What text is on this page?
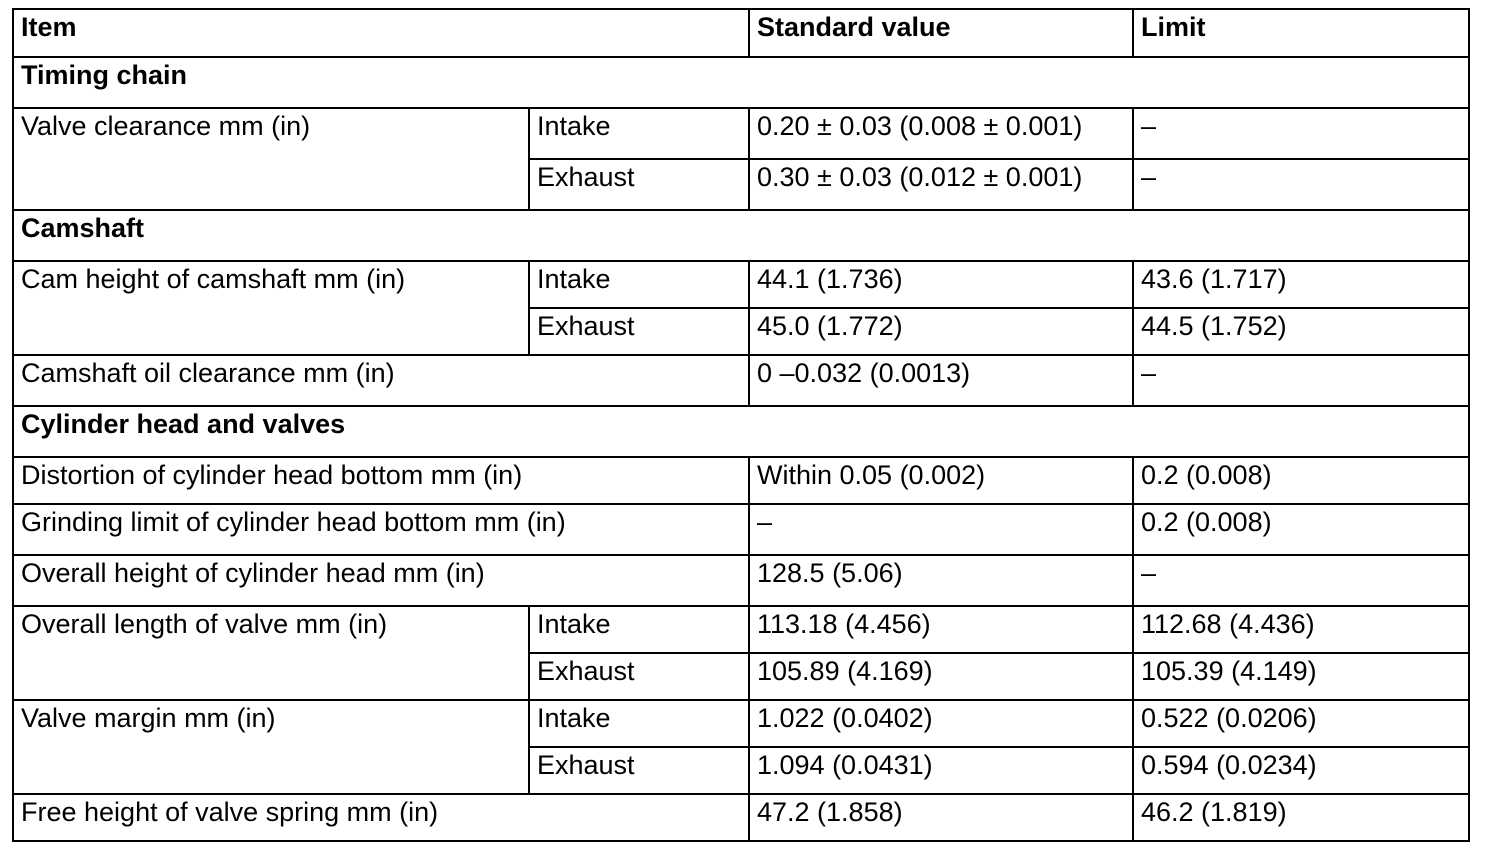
Item		Standard value	Limit
Timing chain			
Valve clearance mm (in)	Intake	0.20 ± 0.03 (0.008 ± 0.001)	–
	Exhaust	0.30 ± 0.03 (0.012 ± 0.001)	–
Camshaft			
Cam height of camshaft mm (in)	Intake	44.1 (1.736)	43.6 (1.717)
	Exhaust	45.0 (1.772)	44.5 (1.752)
Camshaft oil clearance mm (in)		0 –0.032 (0.0013)	–
Cylinder head and valves			
Distortion of cylinder head bottom mm (in)		Within 0.05 (0.002)	0.2 (0.008)
Grinding limit of cylinder head bottom mm (in)		–	0.2 (0.008)
Overall height of cylinder head mm (in)		128.5 (5.06)	–
Overall length of valve mm (in)	Intake	113.18 (4.456)	112.68 (4.436)
	Exhaust	105.89 (4.169)	105.39 (4.149)
Valve margin mm (in)	Intake	1.022 (0.0402)	0.522 (0.0206)
	Exhaust	1.094 (0.0431)	0.594 (0.0234)
Free height of valve spring mm (in)		47.2 (1.858)	46.2 (1.819)
